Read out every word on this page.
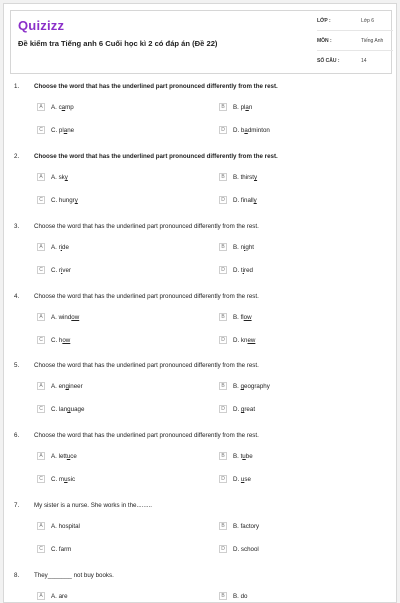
Quizizz
Đề kiểm tra Tiếng anh 6 Cuối học kì 2 có đáp án (Đề 22)
LỚP :	Lớp 6
MÔN :	Tiếng Anh
SỐ CÂU :	14
1. Choose the word that has the underlined part pronounced differently from the rest.
A	A. camp	B	B. plan
C	C. plane	D	D. badminton
2. Choose the word that has the underlined part pronounced differently from the rest.
A	A. sky	B	B. thirsty
C	C. hungry	D	D. finally
3. Choose the word that has the underlined part pronounced differently from the rest.
A	A. ride	B	B. night
C	C. river	D	D. tired
4. Choose the word that has the underlined part pronounced differently from the rest.
A	A. window	B	B. flow
C	C. how	D	D. knew
5. Choose the word that has the underlined part pronounced differently from the rest.
A	A. engineer	B	B. geography
C	C. language	D	D. great
6. Choose the word that has the underlined part pronounced differently from the rest.
A	A. lettuce	B	B. tube
C	C. music	D	D. use
7. My sister is a nurse. She works in the.........
A	A. hospital	B	B. factory
C	C. farm	D	D. school
8. They_______ not buy books.
A	A. are	B	B. do
